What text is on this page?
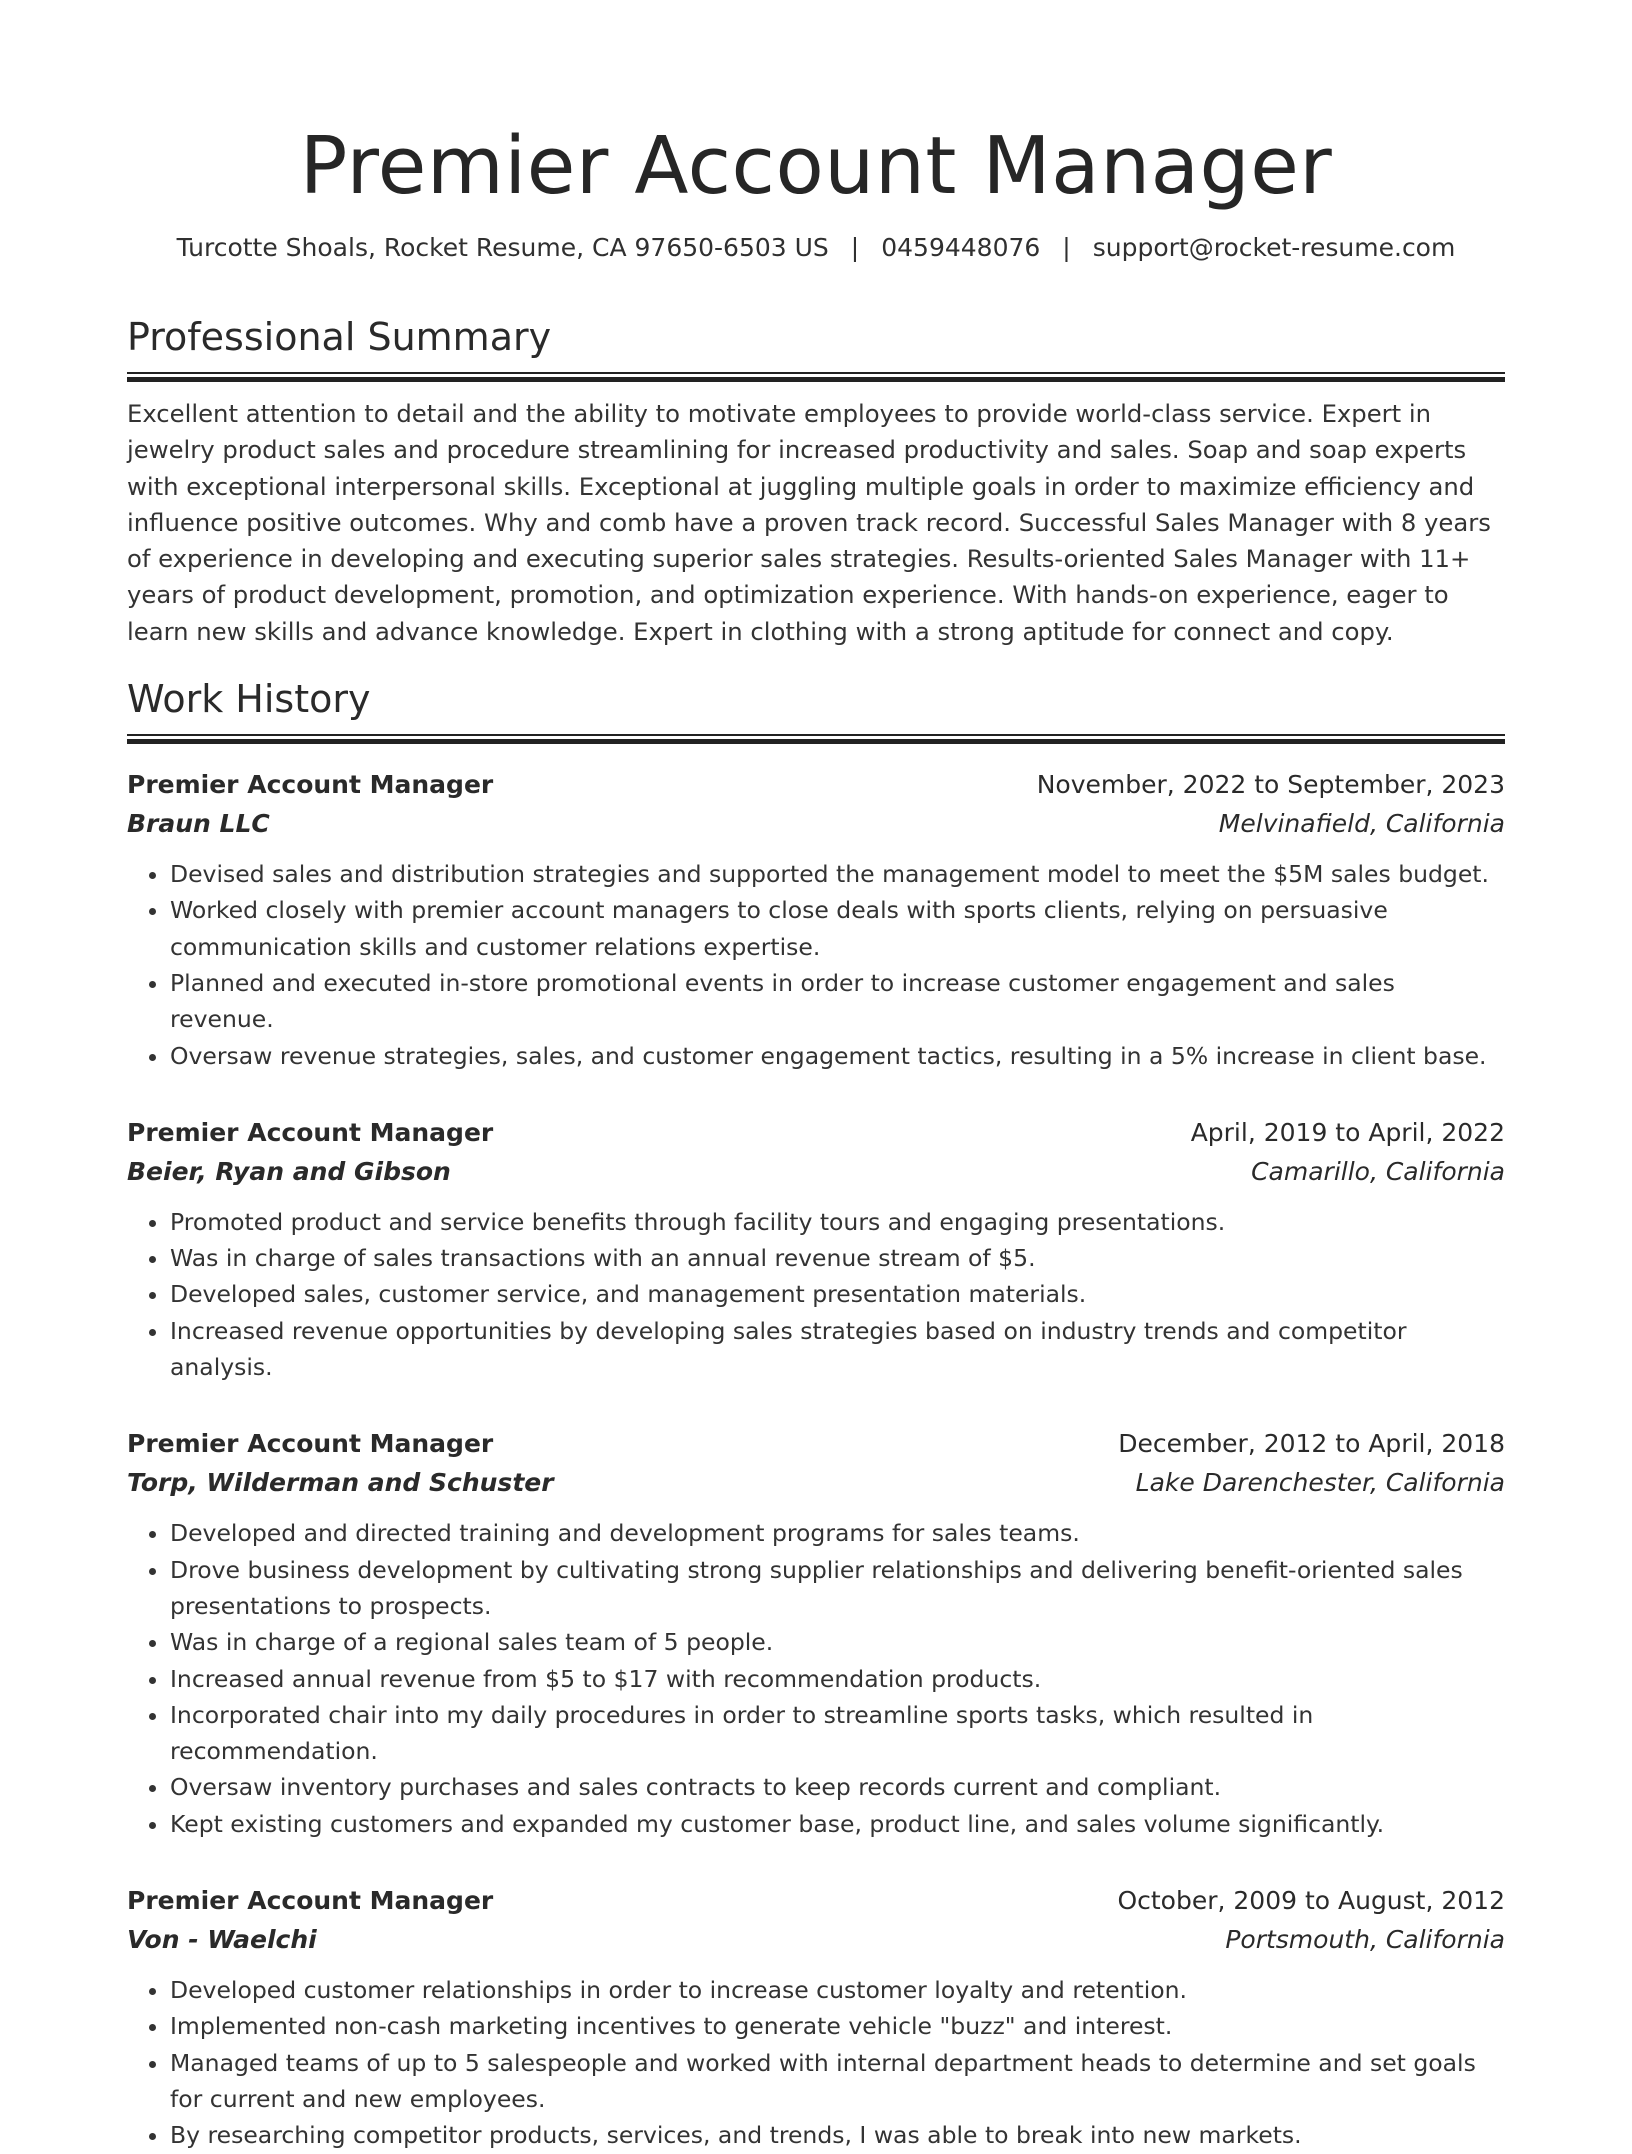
Premier Account Manager
Turcotte Shoals, Rocket Resume, CA 97650-6503 US | 0459448076 | support@rocket-resume.com
Professional Summary

Excellent attention to detail and the ability to motivate employees to provide world-class service. Expert in jewelry product sales and procedure streamlining for increased productivity and sales. Soap and soap experts with exceptional interpersonal skills. Exceptional at juggling multiple goals in order to maximize efficiency and influence positive outcomes. Why and comb have a proven track record. Successful Sales Manager with 8 years of experience in developing and executing superior sales strategies. Results-oriented Sales Manager with 11+ years of product development, promotion, and optimization experience. With hands-on experience, eager to learn new skills and advance knowledge. Expert in clothing with a strong aptitude for connect and copy.

Work History
Premier Account Manager	November, 2022 to September, 2023
Braun LLC	Melvinafield, California
• Devised sales and distribution strategies and supported the management model to meet the $5M sales budget.
• Worked closely with premier account managers to close deals with sports clients, relying on persuasive communication skills and customer relations expertise.
• Planned and executed in-store promotional events in order to increase customer engagement and sales revenue.
• Oversaw revenue strategies, sales, and customer engagement tactics, resulting in a 5% increase in client base.
Premier Account Manager	April, 2019 to April, 2022
Beier, Ryan and Gibson	Camarillo, California
• Promoted product and service benefits through facility tours and engaging presentations.
• Was in charge of sales transactions with an annual revenue stream of $5.
• Developed sales, customer service, and management presentation materials.
• Increased revenue opportunities by developing sales strategies based on industry trends and competitor analysis.
Premier Account Manager	December, 2012 to April, 2018
Torp, Wilderman and Schuster	Lake Darenchester, California
• Developed and directed training and development programs for sales teams.
• Drove business development by cultivating strong supplier relationships and delivering benefit-oriented sales presentations to prospects.
• Was in charge of a regional sales team of 5 people.
• Increased annual revenue from $5 to $17 with recommendation products.
• Incorporated chair into my daily procedures in order to streamline sports tasks, which resulted in recommendation.
• Oversaw inventory purchases and sales contracts to keep records current and compliant.
• Kept existing customers and expanded my customer base, product line, and sales volume significantly.
Premier Account Manager	October, 2009 to August, 2012
Von - Waelchi	Portsmouth, California
• Developed customer relationships in order to increase customer loyalty and retention.
• Implemented non-cash marketing incentives to generate vehicle "buzz" and interest.
• Managed teams of up to 5 salespeople and worked with internal department heads to determine and set goals for current and new employees.
• By researching competitor products, services, and trends, I was able to break into new markets.
